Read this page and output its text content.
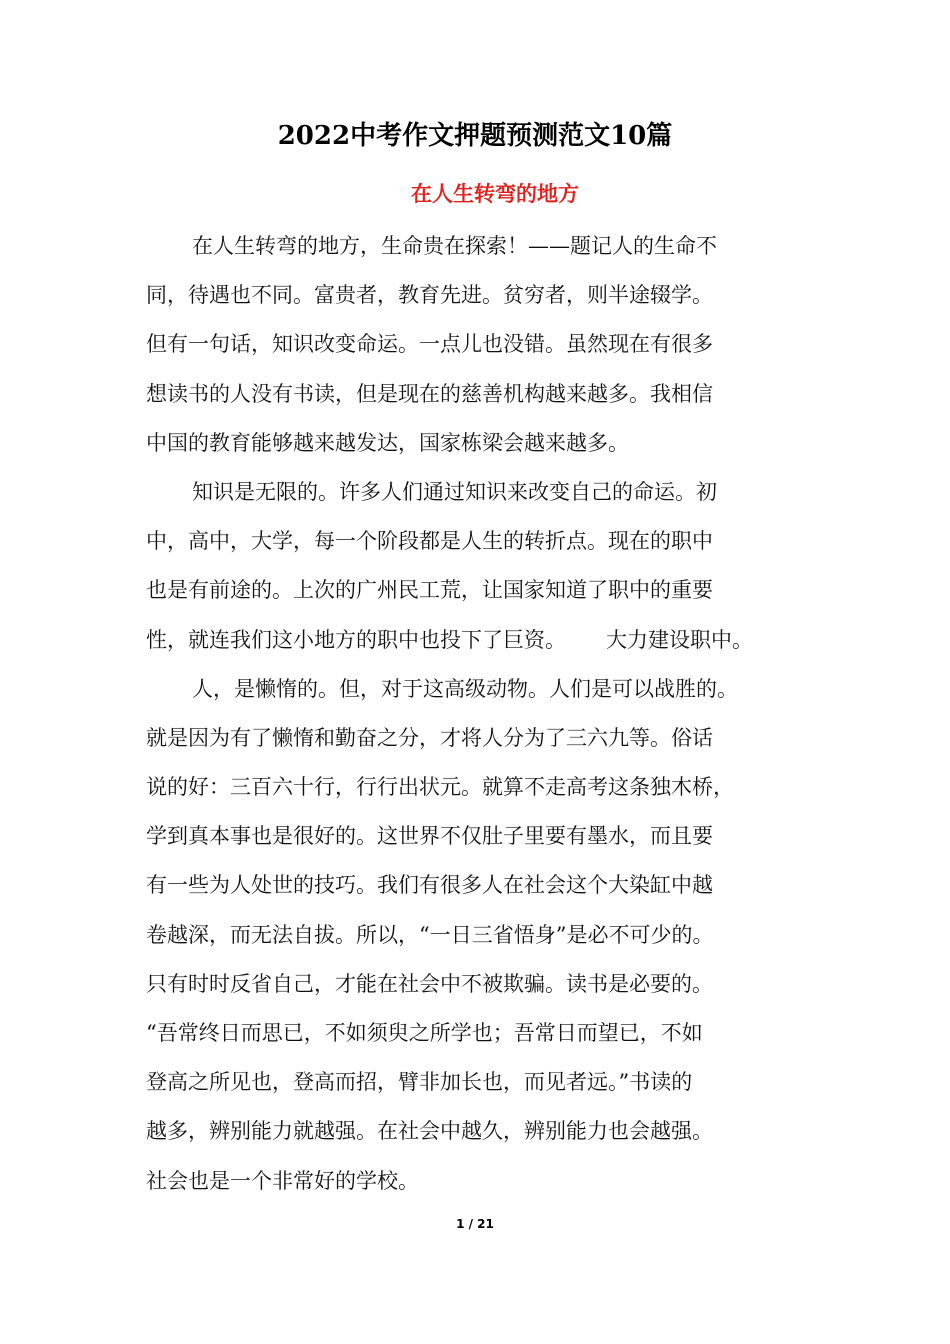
2022中考作文押题预测范文10篇
在人生转弯的地方
在人生转弯的地方，生命贵在探索！——题记人的生命不
同，待遇也不同。富贵者，教育先进。贫穷者，则半途辍学。
但有一句话，知识改变命运。一点儿也没错。虽然现在有很多
想读书的人没有书读，但是现在的慈善机构越来越多。我相信
中国的教育能够越来越发达，国家栋梁会越来越多。
知识是无限的。许多人们通过知识来改变自己的命运。初
中，高中，大学，每一个阶段都是人生的转折点。现在的职中
也是有前途的。上次的广州民工荒，让国家知道了职中的重要
性，就连我们这小地方的职中也投下了巨资。      大力建设职中。
人，是懒惰的。但，对于这高级动物。人们是可以战胜的。
就是因为有了懒惰和勤奋之分，才将人分为了三六九等。俗话
说的好：三百六十行，行行出状元。就算不走高考这条独木桥，
学到真本事也是很好的。这世界不仅肚子里要有墨水，而且要
有一些为人处世的技巧。我们有很多人在社会这个大染缸中越
卷越深，而无法自拔。所以，“一日三省悟身”是必不可少的。
只有时时反省自己，才能在社会中不被欺骗。读书是必要的。
“吾常终日而思已，不如须臾之所学也；吾常日而望已，不如
登高之所见也，登高而招，臂非加长也，而见者远。”书读的
越多，辨别能力就越强。在社会中越久，辨别能力也会越强。
社会也是一个非常好的学校。
1 / 21
